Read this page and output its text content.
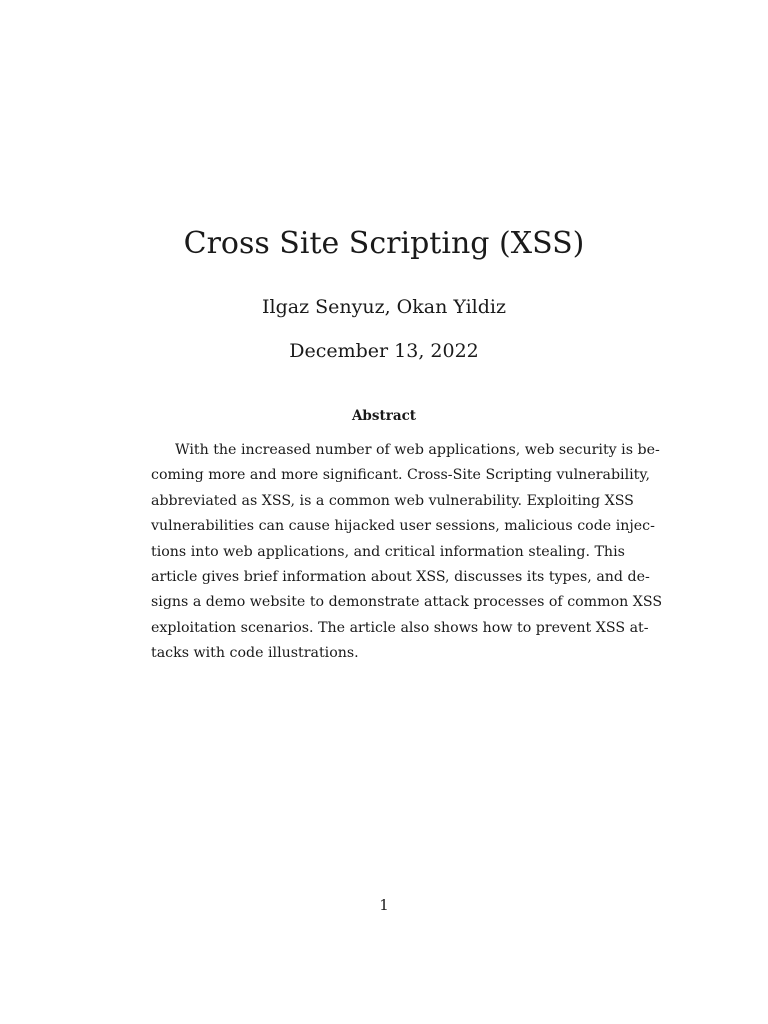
Cross Site Scripting (XSS)
Ilgaz Senyuz, Okan Yildiz
December 13, 2022
Abstract

With the increased number of web applications, web security is be-
coming more and more significant. Cross-Site Scripting vulnerability,
abbreviated as XSS, is a common web vulnerability. Exploiting XSS
vulnerabilities can cause hijacked user sessions, malicious code injec-
tions into web applications, and critical information stealing. This
article gives brief information about XSS, discusses its types, and de-
signs a demo website to demonstrate attack processes of common XSS
exploitation scenarios. The article also shows how to prevent XSS at-
tacks with code illustrations.

1
